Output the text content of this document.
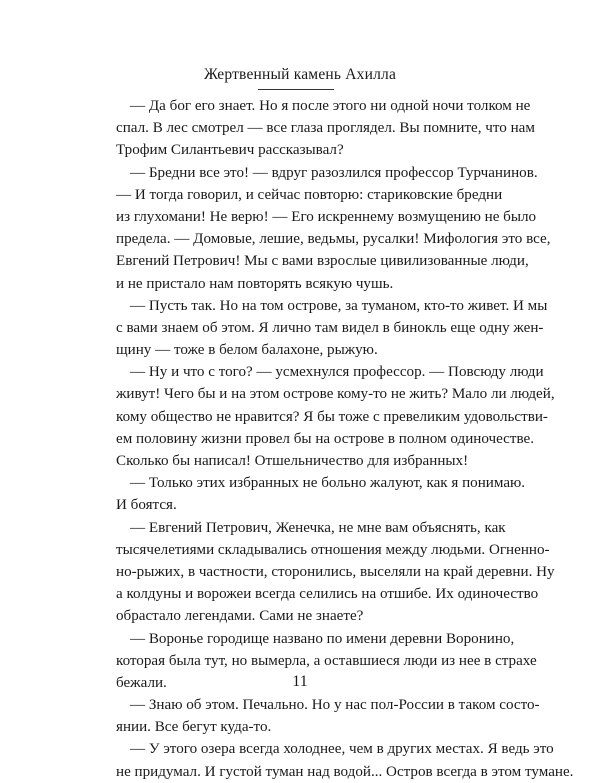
Жертвенный камень Ахилла
— Да бог его знает. Но я после этого ни одной ночи толком не
спал. В лес смотрел — все глаза проглядел. Вы помните, что нам
Трофим Силантьевич рассказывал?
— Бредни все это! — вдруг разозлился профессор Турчанинов.
— И тогда говорил, и сейчас повторю: стариковские бредни
из глухомани! Не верю! — Его искреннему возмущению не было
предела. — Домовые, лешие, ведьмы, русалки! Мифология это все,
Евгений Петрович! Мы с вами взрослые цивилизованные люди,
и не пристало нам повторять всякую чушь.
— Пусть так. Но на том острове, за туманом, кто-то живет. И мы
с вами знаем об этом. Я лично там видел в бинокль еще одну жен-
щину — тоже в белом балахоне, рыжую.
— Ну и что с того? — усмехнулся профессор. — Повсюду люди
живут! Чего бы и на этом острове кому-то не жить? Мало ли людей,
кому общество не нравится? Я бы тоже с превеликим удовольстви-
ем половину жизни провел бы на острове в полном одиночестве.
Сколько бы написал! Отшельничество для избранных!
— Только этих избранных не больно жалуют, как я понимаю.
И боятся.
— Евгений Петрович, Женечка, не мне вам объяснять, как
тысячелетиями складывались отношения между людьми. Огненно-
но-рыжих, в частности, сторонились, выселяли на край деревни. Ну
а колдуны и ворожеи всегда селились на отшибе. Их одиночество
обрастало легендами. Сами не знаете?
— Воронье городище названо по имени деревни Воронино,
которая была тут, но вымерла, а оставшиеся люди из нее в страхе
бежали.
— Знаю об этом. Печально. Но у нас пол-России в таком состо-
янии. Все бегут куда-то.
— У этого озера всегда холоднее, чем в других местах. Я ведь это
не придумал. И густой туман над водой... Остров всегда в этом тумане.
11
